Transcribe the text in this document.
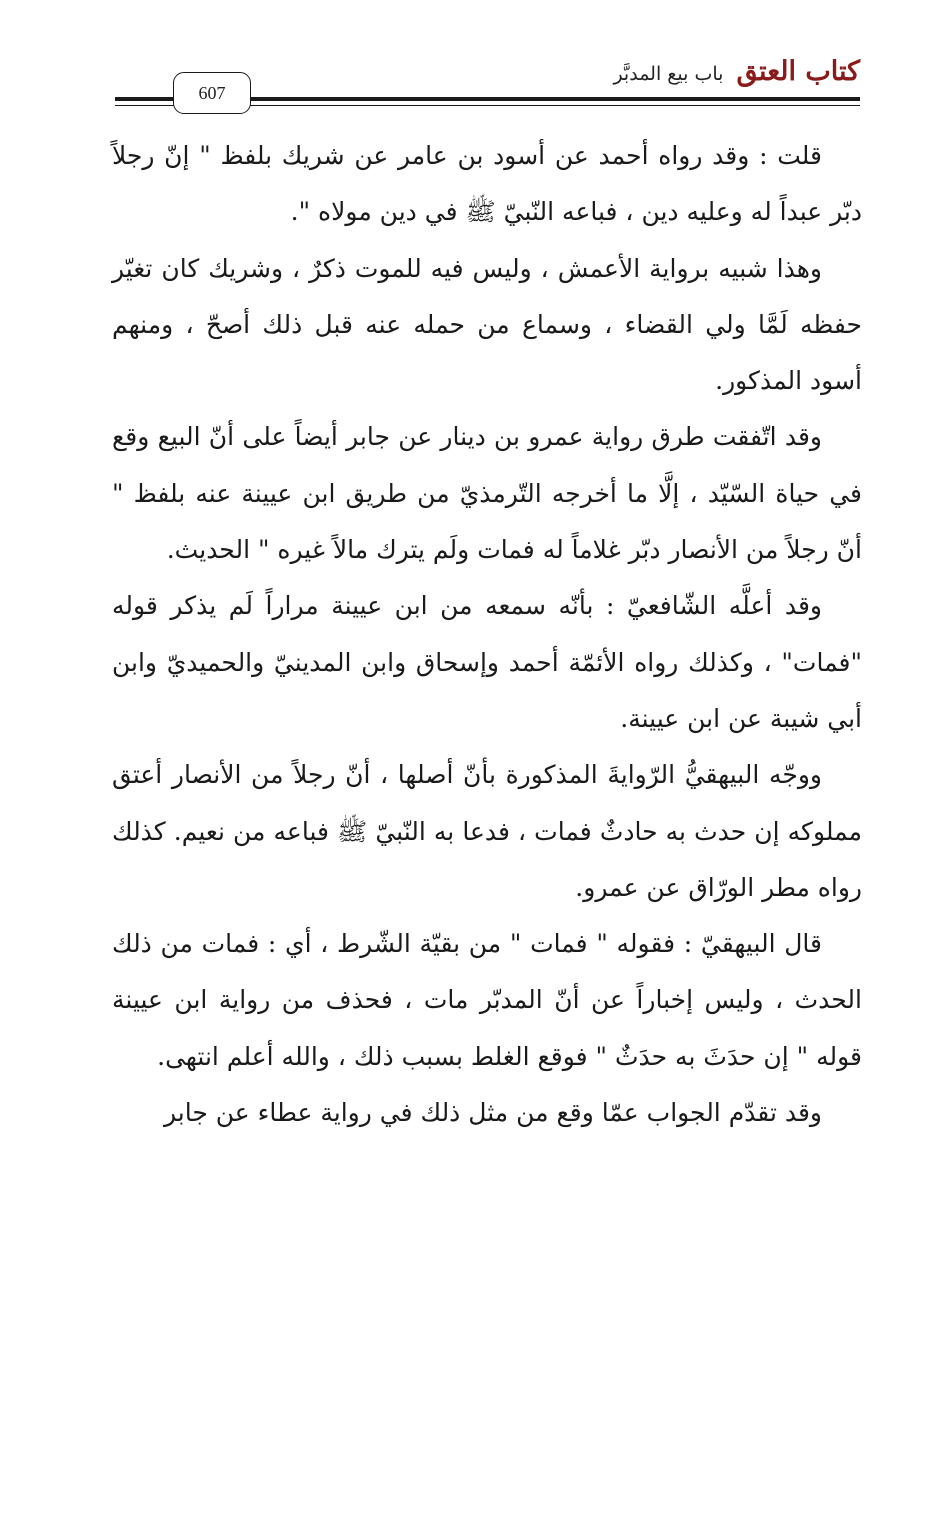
كتاب العتق باب بيع المدبَّر
607

قلت : وقد رواه أحمد عن أسود بن عامر عن شريك بلفظ " إنّ رجلاً دبّر عبداً له وعليه دين ، فباعه النّبيّ ﷺ في دين مولاه ".

وهذا شبيه برواية الأعمش ، وليس فيه للموت ذكرٌ ، وشريك كان تغيّر حفظه لَمَّا ولي القضاء ، وسماع من حمله عنه قبل ذلك أصحّ ، ومنهم أسود المذكور.

وقد اتّفقت طرق رواية عمرو بن دينار عن جابر أيضاً على أنّ البيع وقع في حياة السّيّد ، إلَّا ما أخرجه التّرمذيّ من طريق ابن عيينة عنه بلفظ " أنّ رجلاً من الأنصار دبّر غلاماً له فمات ولَم يترك مالاً غيره " الحديث.

وقد أعلَّه الشّافعيّ : بأنّه سمعه من ابن عيينة مراراً لَم يذكر قوله "فمات" ، وكذلك رواه الأئمّة أحمد وإسحاق وابن المدينيّ والحميديّ وابن أبي شيبة عن ابن عيينة.

ووجّه البيهقيُّ الرّوايةَ المذكورة بأنّ أصلها ، أنّ رجلاً من الأنصار أعتق مملوكه إن حدث به حادثٌ فمات ، فدعا به النّبيّ ﷺ فباعه من نعيم. كذلك رواه مطر الورّاق عن عمرو.

قال البيهقيّ : فقوله " فمات " من بقيّة الشّرط ، أي : فمات من ذلك الحدث ، وليس إخباراً عن أنّ المدبّر مات ، فحذف من رواية ابن عيينة قوله " إن حدَثَ به حدَثٌ " فوقع الغلط بسبب ذلك ، والله أعلم انتهى.

وقد تقدّم الجواب عمّا وقع من مثل ذلك في رواية عطاء عن جابر
